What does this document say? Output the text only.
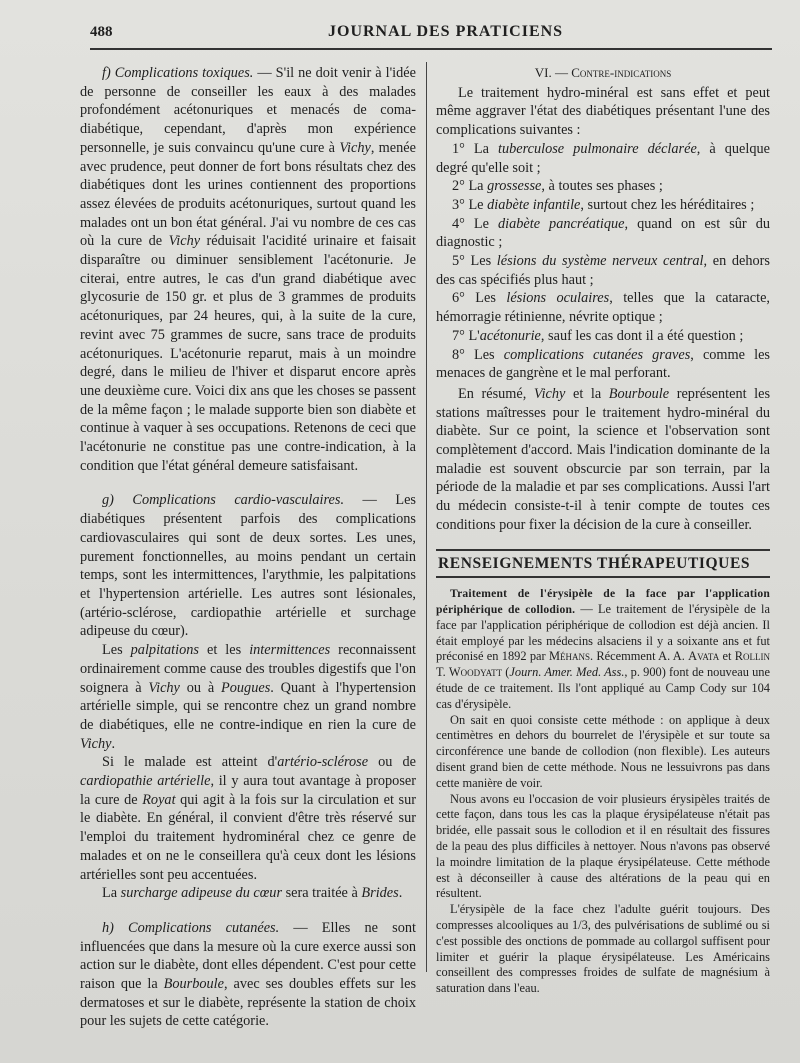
488	JOURNAL DES PRATICIENS

f) Complications toxiques. — S'il ne doit venir à l'idée de personne de conseiller les eaux à des malades profondément acétonuriques et menacés de coma-diabétique, cependant, d'après mon expérience personnelle, je suis convaincu qu'une cure à Vichy, menée avec prudence, peut donner de fort bons résultats chez des diabétiques dont les urines contiennent des proportions assez élevées de produits acétonuriques, surtout quand les malades ont un bon état général. J'ai vu nombre de ces cas où la cure de Vichy réduisait l'acidité urinaire et faisait disparaître ou diminuer sensiblement l'acétonurie. Je citerai, entre autres, le cas d'un grand diabétique avec glycosurie de 150 gr. et plus de 3 grammes de produits acétonuriques, par 24 heures, qui, à la suite de la cure, revint avec 75 grammes de sucre, sans trace de produits acétonuriques. L'acétonurie reparut, mais à un moindre degré, dans le milieu de l'hiver et disparut encore après une deuxième cure. Voici dix ans que les choses se passent de la même façon ; le malade supporte bien son diabète et continue à vaquer à ses occupations. Retenons de ceci que l'acétonurie ne constitue pas une contre-indication, à la condition que l'état général demeure satisfaisant.

g) Complications cardio-vasculaires. — Les diabétiques présentent parfois des complications cardiovasculaires qui sont de deux sortes. Les unes, purement fonctionnelles, au moins pendant un certain temps, sont les intermittences, l'arythmie, les palpitations et l'hypertension artérielle. Les autres sont lésionales, (artério-sclérose, cardiopathie artérielle et surchage adipeuse du cœur).

Les palpitations et les intermittences reconnaissent ordinairement comme cause des troubles digestifs que l'on soignera à Vichy ou à Pougues. Quant à l'hypertension artérielle simple, qui se rencontre chez un grand nombre de diabétiques, elle ne contre-indique en rien la cure de Vichy.

Si le malade est atteint d'artério-sclérose ou de cardiopathie artérielle, il y aura tout avantage à proposer la cure de Royat qui agit à la fois sur la circulation et sur le diabète. En général, il convient d'être très réservé sur l'emploi du traitement hydrominéral chez ce genre de malades et on ne le conseillera qu'à ceux dont les lésions artérielles sont peu accentuées.

La surcharge adipeuse du cœur sera traitée à Brides.

h) Complications cutanées. — Elles ne sont influencées que dans la mesure où la cure exerce aussi son action sur le diabète, dont elles dépendent. C'est pour cette raison que la Bourboule, avec ses doubles effets sur les dermatoses et sur le diabète, représente la station de choix pour les sujets de cette catégorie.

VI. — Contre-indications

Le traitement hydro-minéral est sans effet et peut même aggraver l'état des diabétiques présentant l'une des complications suivantes :

1° La tuberculose pulmonaire déclarée, à quelque degré qu'elle soit ;

2° La grossesse, à toutes ses phases ;

3° Le diabète infantile, surtout chez les héréditaires ;

4° Le diabète pancréatique, quand on est sûr du diagnostic ;

5° Les lésions du système nerveux central, en dehors des cas spécifiés plus haut ;

6° Les lésions oculaires, telles que la cataracte, hémorragie rétinienne, névrite optique ;

7° L'acétonurie, sauf les cas dont il a été question ;

8° Les complications cutanées graves, comme les menaces de gangrène et le mal perforant.

En résumé, Vichy et la Bourboule représentent les stations maîtresses pour le traitement hydro-minéral du diabète. Sur ce point, la science et l'observation sont complètement d'accord. Mais l'indication dominante de la maladie est souvent obscurcie par son terrain, par la période de la maladie et par ses complications. Aussi l'art du médecin consiste-t-il à tenir compte de toutes ces conditions pour fixer la décision de la cure à conseiller.

RENSEIGNEMENTS THÉRAPEUTIQUES

Traitement de l'érysipèle de la face par l'application périphérique de collodion. — Le traitement de l'érysipèle de la face par l'application périphérique de collodion est déjà ancien. Il était employé par les médecins alsaciens il y a soixante ans et fut préconisé en 1892 par Méhans. Récemment A. A. Avata et Rollin T. Woodyatt (Journ. Amer. Med. Ass., p. 900) font de nouveau une étude de ce traitement. Ils l'ont appliqué au Camp Cody sur 104 cas d'érysipèle.

On sait en quoi consiste cette méthode : on applique à deux centimètres en dehors du bourrelet de l'érysipèle et sur toute sa circonférence une bande de collodion (non flexible). Les auteurs disent grand bien de cette méthode. Nous ne lessuivrons pas dans cette manière de voir.

Nous avons eu l'occasion de voir plusieurs érysipèles traités de cette façon, dans tous les cas la plaque érysipélateuse n'était pas bridée, elle passait sous le collodion et il en résultait des fissures de la peau des plus difficiles à nettoyer. Nous n'avons pas observé la moindre limitation de la plaque érysipélateuse. Cette méthode est à déconseiller à cause des altérations de la peau qui en résultent.

L'érysipèle de la face chez l'adulte guérit toujours. Des compresses alcooliques au 1/3, des pulvérisations de sublimé ou si c'est possible des onctions de pommade au collargol suffisent pour limiter et guérir la plaque érysipélateuse. Les Américains conseillent des compresses froides de sulfate de magnésium à saturation dans l'eau.
